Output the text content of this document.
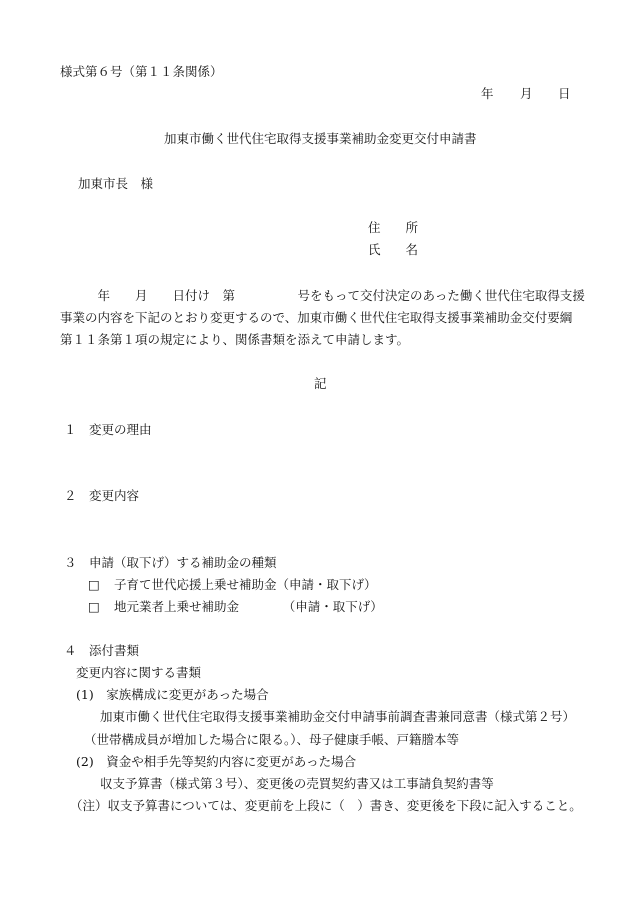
様式第６号（第１１条関係）
年 月 日
加東市働く世代住宅取得支援事業補助金変更交付申請書
加東市長　様
住　　所
氏　　名
　　　年　　月　　日付け　第　　　　　号をもって交付決定のあった働く世代住宅取得支援
事業の内容を下記のとおり変更するので、加東市働く世代住宅取得支援事業補助金交付要綱
第１１条第１項の規定により、関係書類を添えて申請します。
記
１　変更の理由
２　変更内容
３　申請（取下げ）する補助金の種類
□ 子育て世代応援上乗せ補助金（申請・取下げ）
□ 地元業者上乗せ補助金　　　　（申請・取下げ）
４　添付書類
変更内容に関する書類
(1)　家族構成に変更があった場合
加東市働く世代住宅取得支援事業補助金交付申請事前調査書兼同意書（様式第２号）
（世帯構成員が増加した場合に限る。）、母子健康手帳、戸籍謄本等
(2)　資金や相手先等契約内容に変更があった場合
収支予算書（様式第３号）、変更後の売買契約書又は工事請負契約書等
（注）収支予算書については、変更前を上段に（　）書き、変更後を下段に記入すること。
